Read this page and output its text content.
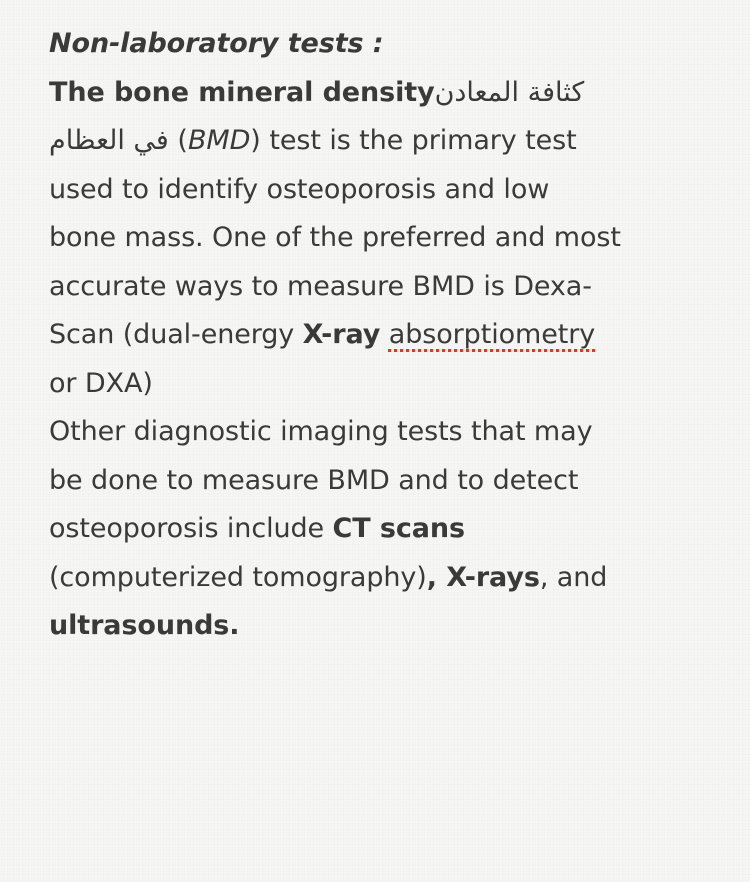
Non-laboratory tests :
The bone mineral densityكثافة المعادن
في العظام (BMD) test is the primary test
used to identify osteoporosis and low
bone mass. One of the preferred and most
accurate ways to measure BMD is Dexa-
Scan (dual-energy X-ray absorptiometry
or DXA)
Other diagnostic imaging tests that may
be done to measure BMD and to detect
osteoporosis include CT scans
(computerized tomography), X-rays, and
ultrasounds.
